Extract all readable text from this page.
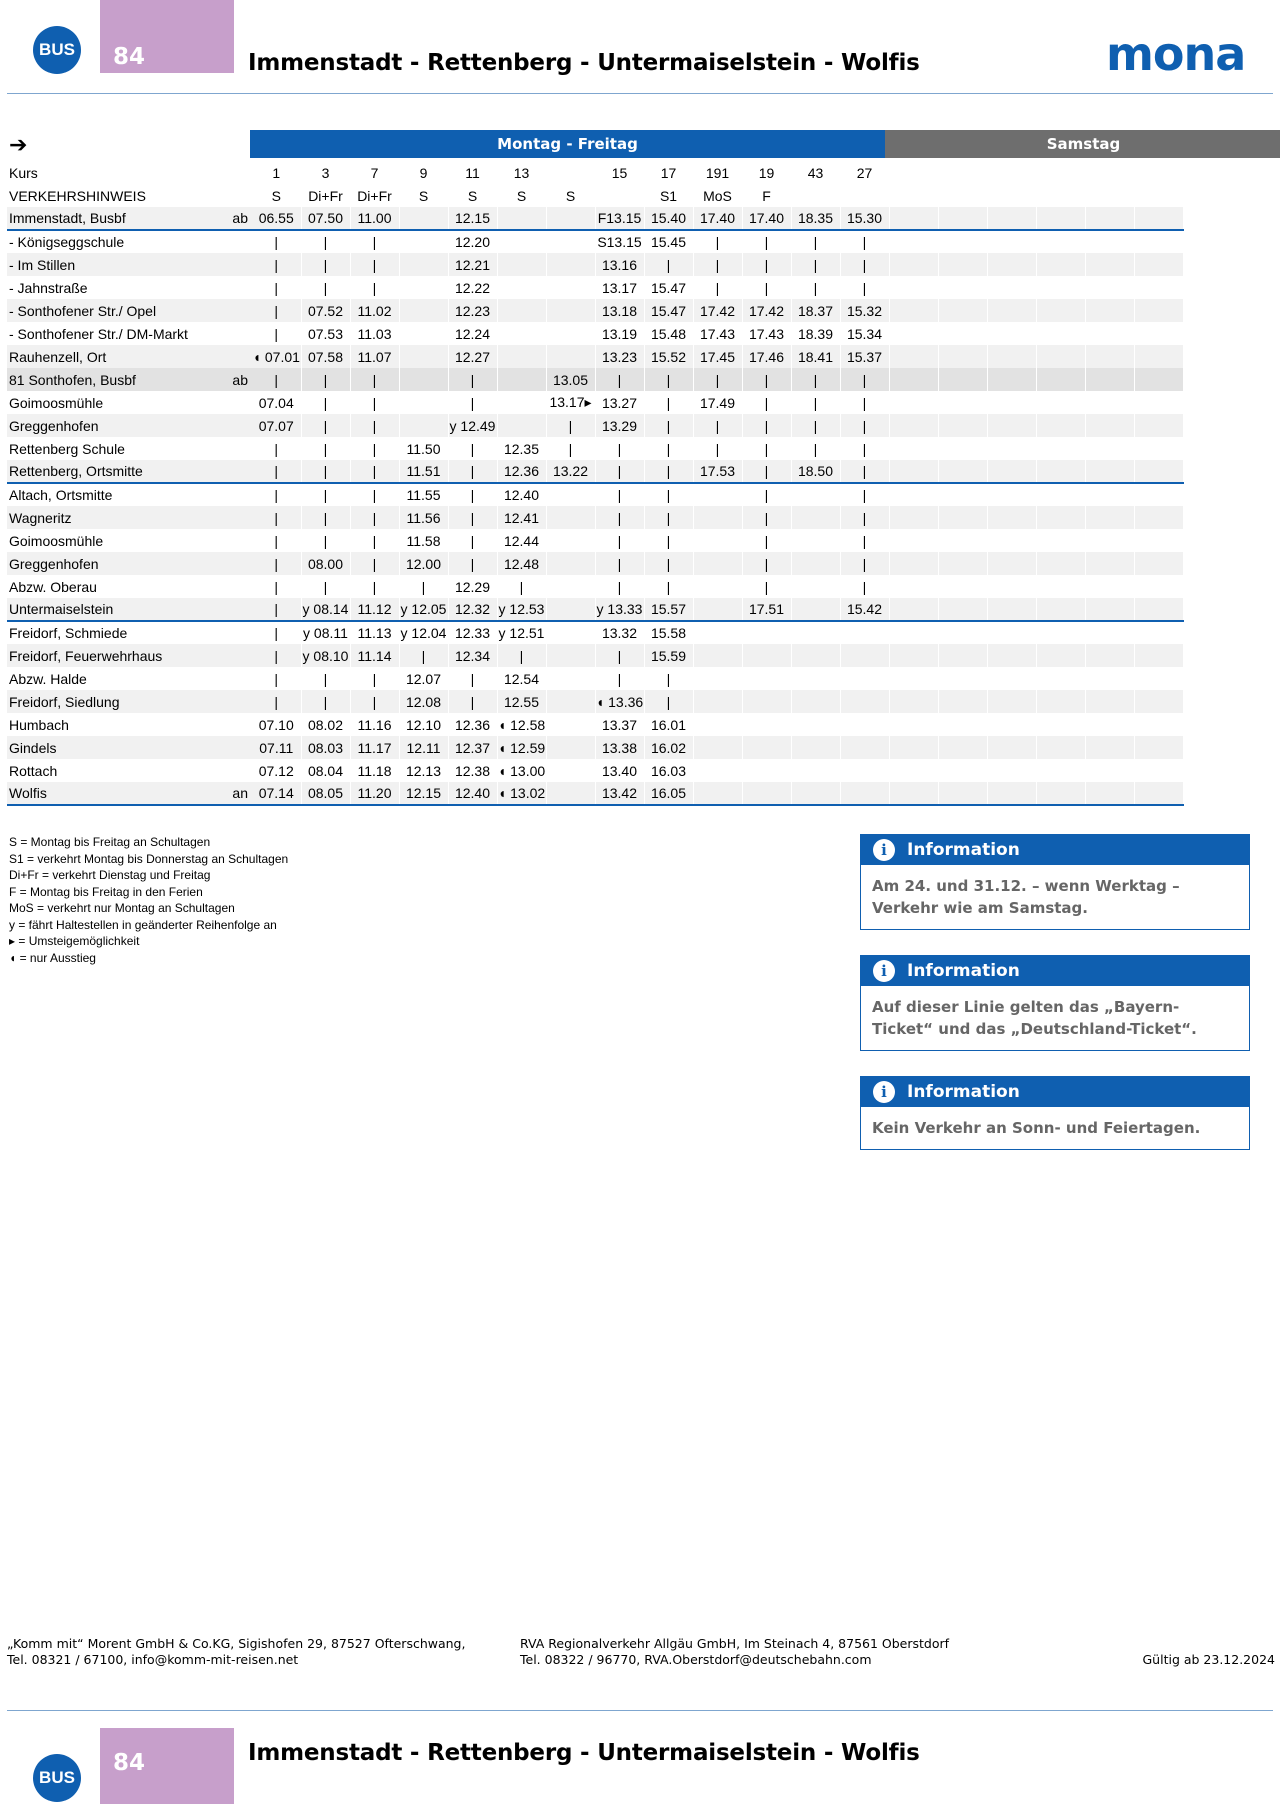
BUS	84	Immenstadt - Rettenberg - Untermaiselstein - Wolfis	mona
➔	Montag - Freitag	Samstag
Kurs		1	3	7	9	11	13		15	17	191	19	43	27						
VERKEHRSHINWEIS		S	Di+Fr	Di+Fr	S	S	S	S		S1	MoS	F								
Immenstadt, Busbf	ab	06.55	07.50	11.00		12.15			F13.15	15.40	17.40	17.40	18.35	15.30						
- Königseggschule		|	|	|		12.20			S13.15	15.45	|	|	|	|						
- Im Stillen		|	|	|		12.21			13.16	|	|	|	|	|						
- Jahnstraße		|	|	|		12.22			13.17	15.47	|	|	|	|						
- Sonthofener Str./ Opel		|	07.52	11.02		12.23			13.18	15.47	17.42	17.42	18.37	15.32						
- Sonthofener Str./ DM-Markt		|	07.53	11.03		12.24			13.19	15.48	17.43	17.43	18.39	15.34						
Rauhenzell, Ort		◖ 07.01	07.58	11.07		12.27			13.23	15.52	17.45	17.46	18.41	15.37						
81 Sonthofen, Busbf	ab	|	|	|		|		13.05	|	|	|	|	|	|						
Goimoosmühle		07.04	|	|		|		13.17▸	13.27	|	17.49	|	|	|						
Greggenhofen		07.07	|	|		y 12.49		|	13.29	|	|	|	|	|						
Rettenberg Schule		|	|	|	11.50	|	12.35	|	|	|	|	|	|	|						
Rettenberg, Ortsmitte		|	|	|	11.51	|	12.36	13.22	|	|	17.53	|	18.50	|						
Altach, Ortsmitte		|	|	|	11.55	|	12.40		|	|		|		|						
Wagneritz		|	|	|	11.56	|	12.41		|	|		|		|						
Goimoosmühle		|	|	|	11.58	|	12.44		|	|		|		|						
Greggenhofen		|	08.00	|	12.00	|	12.48		|	|		|		|						
Abzw. Oberau		|	|	|	|	12.29	|		|	|		|		|						
Untermaiselstein		|	y 08.14	11.12	y 12.05	12.32	y 12.53		y 13.33	15.57		17.51		15.42						
Freidorf, Schmiede		|	y 08.11	11.13	y 12.04	12.33	y 12.51		13.32	15.58										
Freidorf, Feuerwehrhaus		|	y 08.10	11.14	|	12.34	|		|	15.59										
Abzw. Halde		|	|	|	12.07	|	12.54		|	|										
Freidorf, Siedlung		|	|	|	12.08	|	12.55		◖ 13.36	|										
Humbach		07.10	08.02	11.16	12.10	12.36	◖ 12.58		13.37	16.01										
Gindels		07.11	08.03	11.17	12.11	12.37	◖ 12.59		13.38	16.02										
Rottach		07.12	08.04	11.18	12.13	12.38	◖ 13.00		13.40	16.03										
Wolfis	an	07.14	08.05	11.20	12.15	12.40	◖ 13.02		13.42	16.05										
S = Montag bis Freitag an Schultagen
S1 = verkehrt Montag bis Donnerstag an Schultagen
Di+Fr = verkehrt Dienstag und Freitag
F = Montag bis Freitag in den Ferien
MoS = verkehrt nur Montag an Schultagen
y = fährt Haltestellen in geänderter Reihenfolge an
▸ = Umsteigemöglichkeit
◖ = nur Ausstieg
i	Information
Am 24. und 31.12. – wenn Werktag – Verkehr wie am Samstag.
i	Information
Auf dieser Linie gelten das „Bayern-Ticket“ und das „Deutschland-Ticket“.
i	Information
Kein Verkehr an Sonn- und Feiertagen.
„Komm mit“ Morent GmbH & Co.KG, Sigishofen 29, 87527 Ofterschwang,
Tel. 08321 / 67100, info@komm-mit-reisen.net
RVA Regionalverkehr Allgäu GmbH, Im Steinach 4, 87561 Oberstdorf
Tel. 08322 / 96770, RVA.Oberstdorf@deutschebahn.com	Gültig ab 23.12.2024
BUS
84	Immenstadt - Rettenberg - Untermaiselstein - Wolfis
